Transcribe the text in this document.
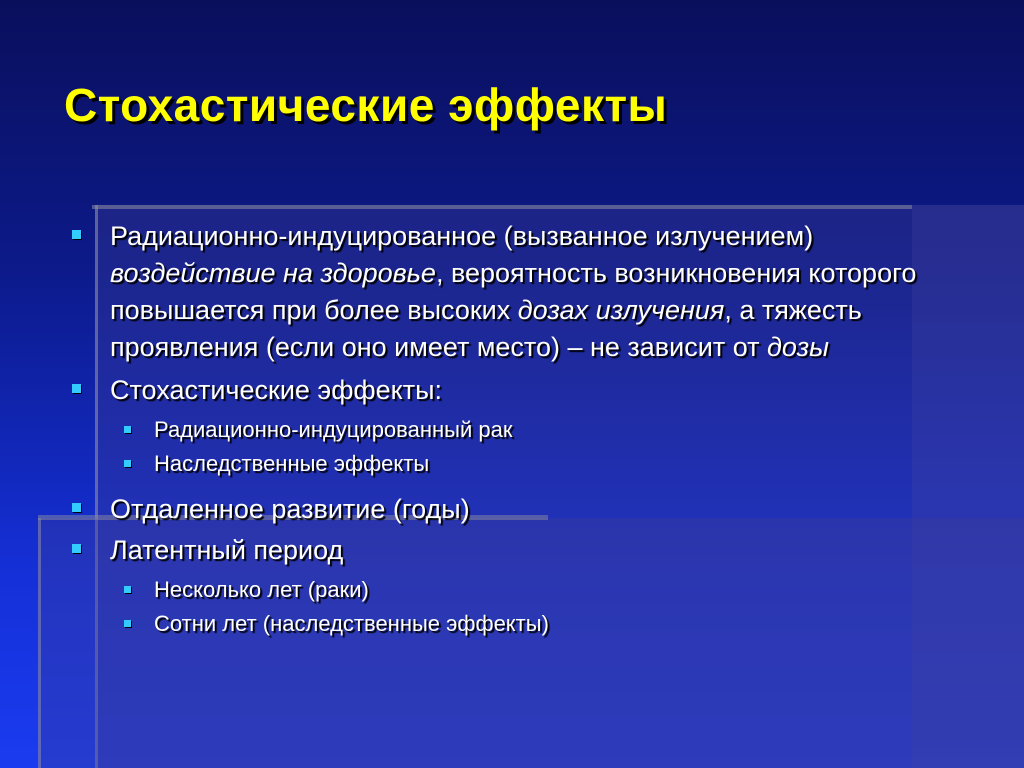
Стохастические эффекты
Радиационно-индуцированное (вызванное излучением) воздействие на здоровье, вероятность возникновения которого повышается при более высоких дозах излучения, а тяжесть проявления (если оно имеет место) – не зависит от дозы
Стохастические эффекты:
Радиационно-индуцированный рак
Наследственные эффекты
Отдаленное развитие (годы)
Латентный период
Несколько лет (раки)
Сотни лет (наследственные эффекты)
